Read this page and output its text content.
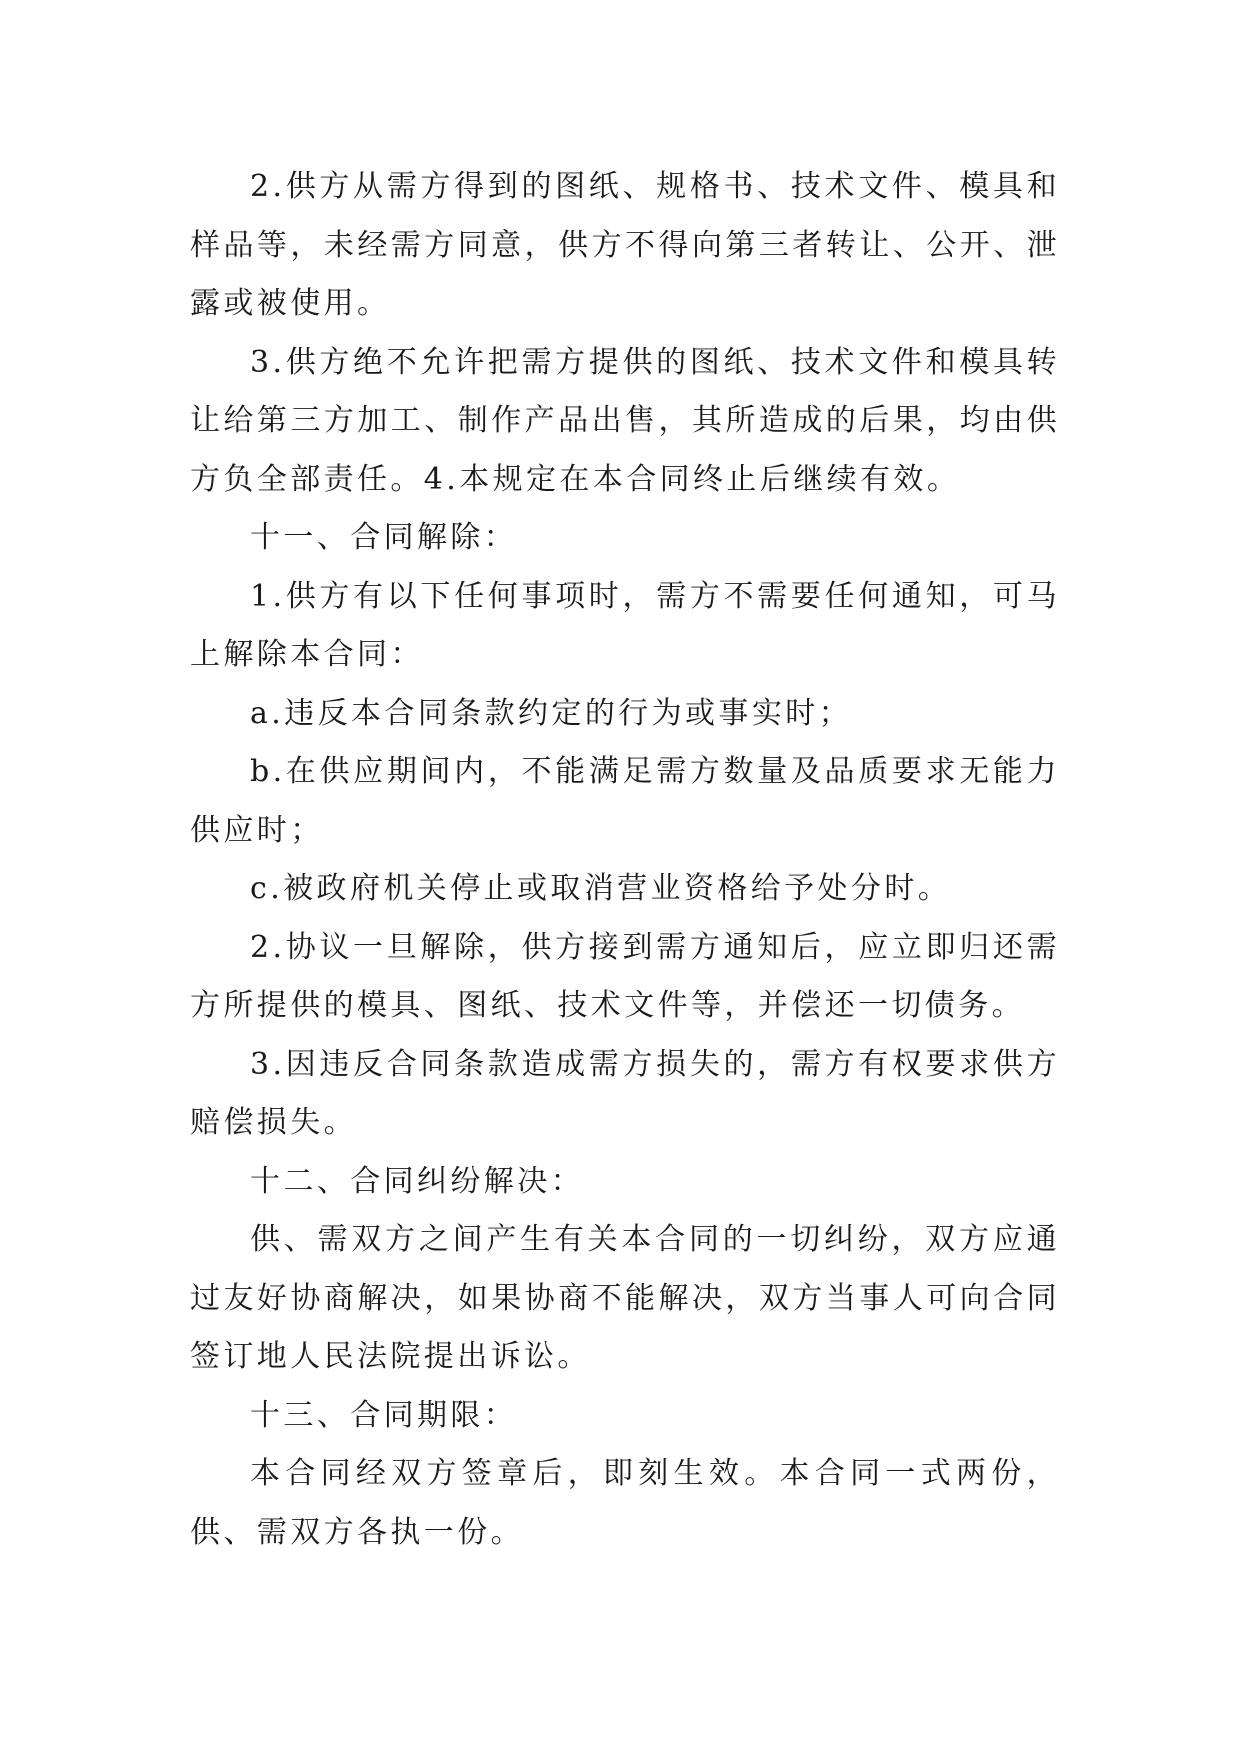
2.供方从需方得到的图纸、规格书、技术文件、模具和样品等，未经需方同意，供方不得向第三者转让、公开、泄露或被使用。

3.供方绝不允许把需方提供的图纸、技术文件和模具转让给第三方加工、制作产品出售，其所造成的后果，均由供方负全部责任。4.本规定在本合同终止后继续有效。

十一、合同解除：

1.供方有以下任何事项时，需方不需要任何通知，可马上解除本合同：

a.违反本合同条款约定的行为或事实时；

b.在供应期间内，不能满足需方数量及品质要求无能力供应时；

c.被政府机关停止或取消营业资格给予处分时。

2.协议一旦解除，供方接到需方通知后，应立即归还需方所提供的模具、图纸、技术文件等，并偿还一切债务。

3.因违反合同条款造成需方损失的，需方有权要求供方赔偿损失。

十二、合同纠纷解决：

供、需双方之间产生有关本合同的一切纠纷，双方应通过友好协商解决，如果协商不能解决，双方当事人可向合同签订地人民法院提出诉讼。

十三、合同期限：

本合同经双方签章后，即刻生效。本合同一式两份，供、需双方各执一份。
